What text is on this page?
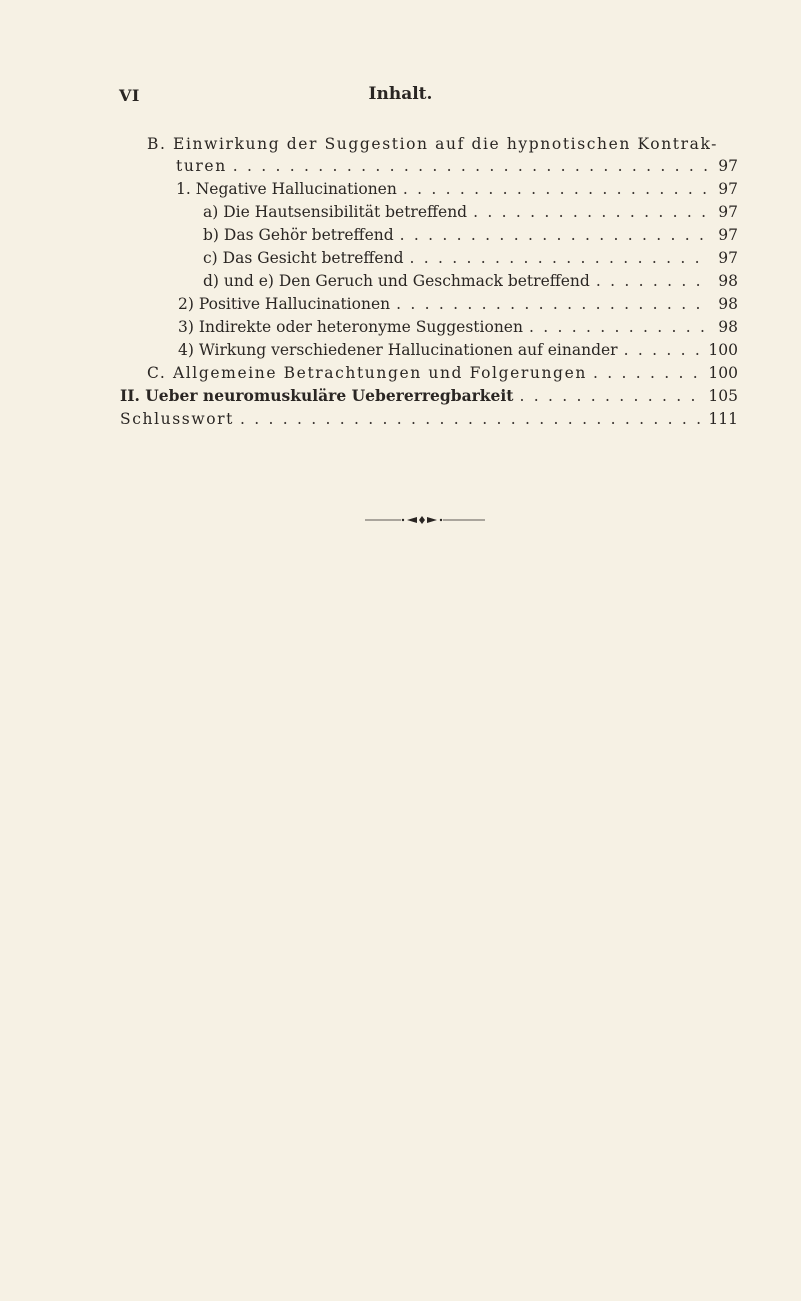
VI	Inhalt.
B. Einwirkung der Suggestion auf die hypnotischen Kontrak-
turen . . .	97
1. Negative Hallucinationen . . .	97
a) Die Hautsensibilität betreffend . . .	97
b) Das Gehör betreffend . . .	97
c) Das Gesicht betreffend . . .	97
d) und e) Den Geruch und Geschmack betreffend . . .	98
2) Positive Hallucinationen . . .	98
3) Indirekte oder heteronyme Suggestionen . . .	98
4) Wirkung verschiedener Hallucinationen auf einander . . .	100
C. Allgemeine Betrachtungen und Folgerungen . . .	100
II. Ueber neuromuskuläre Uebererregbarkeit . . .	105
Schlusswort . . .	111
